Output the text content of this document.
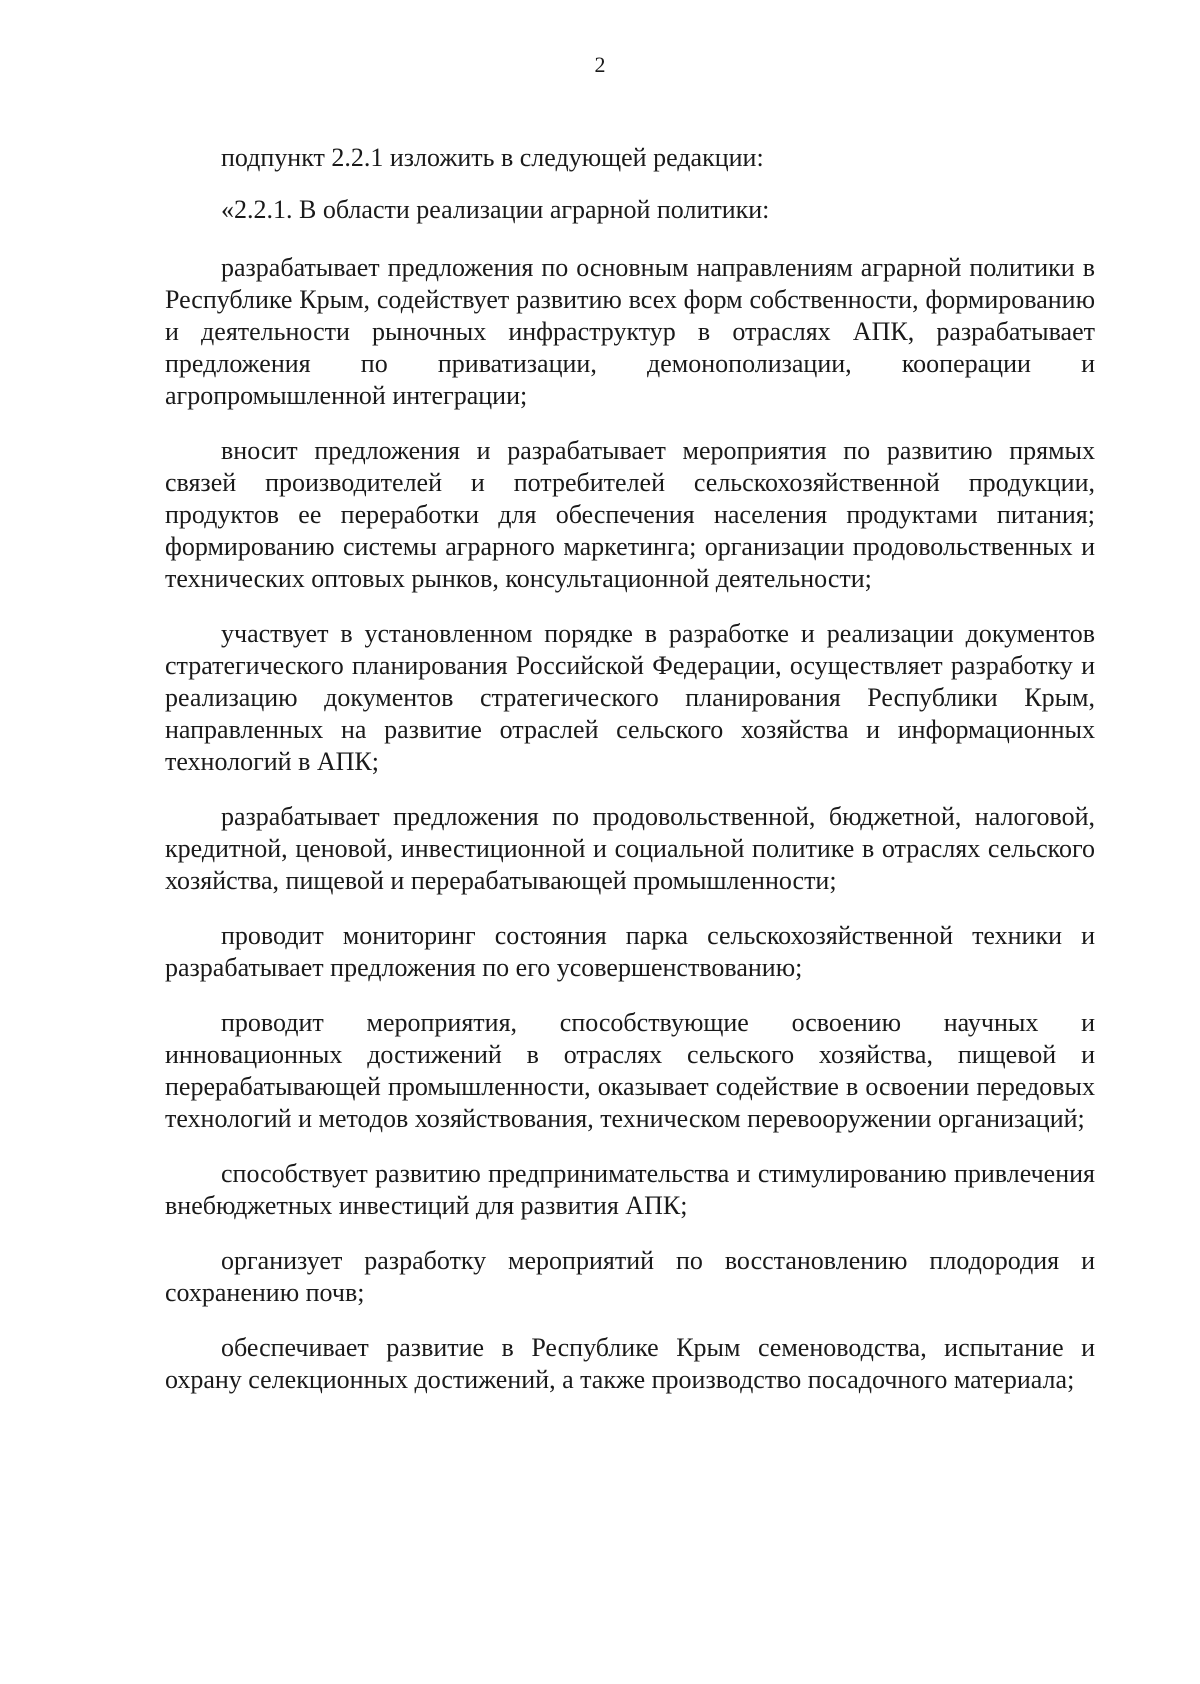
2

подпункт 2.2.1 изложить в следующей редакции:

«2.2.1. В области реализации аграрной политики:

разрабатывает предложения по основным направлениям аграрной политики в Республике Крым, содействует развитию всех форм собственности, формированию и деятельности рыночных инфраструктур в отраслях АПК, разрабатывает предложения по приватизации, демонополизации, кооперации и агропромышленной интеграции;

вносит предложения и разрабатывает мероприятия по развитию прямых связей производителей и потребителей сельскохозяйственной продукции, продуктов ее переработки для обеспечения населения продуктами питания; формированию системы аграрного маркетинга; организации продовольственных и технических оптовых рынков, консультационной деятельности;

участвует в установленном порядке в разработке и реализации документов стратегического планирования Российской Федерации, осуществляет разработку и реализацию документов стратегического планирования Республики Крым, направленных на развитие отраслей сельского хозяйства и информационных технологий в АПК;

разрабатывает предложения по продовольственной, бюджетной, налоговой, кредитной, ценовой, инвестиционной и социальной политике в отраслях сельского хозяйства, пищевой и перерабатывающей промышленности;

проводит мониторинг состояния парка сельскохозяйственной техники и разрабатывает предложения по его усовершенствованию;

проводит мероприятия, способствующие освоению научных и инновационных достижений в отраслях сельского хозяйства, пищевой и перерабатывающей промышленности, оказывает содействие в освоении передовых технологий и методов хозяйствования, техническом перевооружении организаций;

способствует развитию предпринимательства и стимулированию привлечения внебюджетных инвестиций для развития АПК;

организует разработку мероприятий по восстановлению плодородия и сохранению почв;

обеспечивает развитие в Республике Крым семеноводства, испытание и охрану селекционных достижений, а также производство посадочного материала;
